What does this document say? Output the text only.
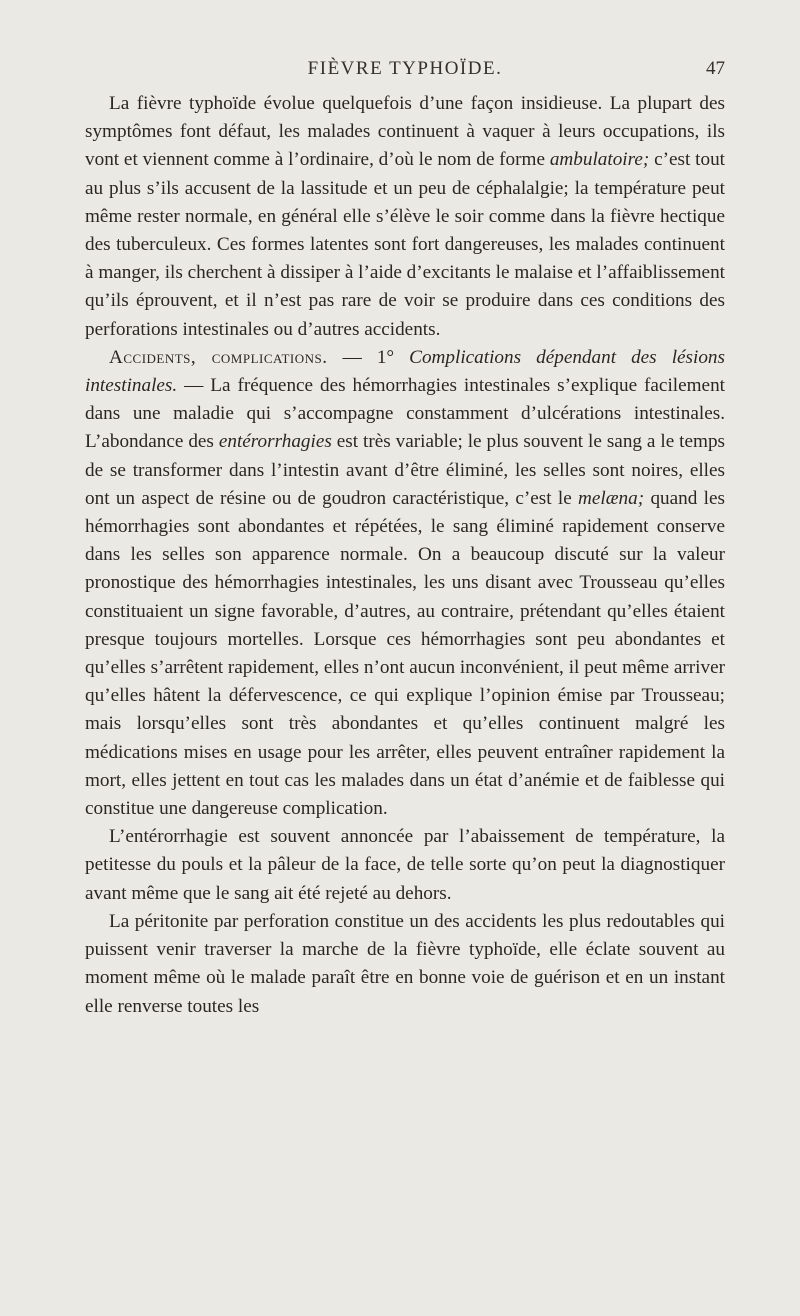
FIÈVRE TYPHOÏDE.	47

La fièvre typhoïde évolue quelquefois d’une façon insidieuse. La plupart des symptômes font défaut, les malades continuent à vaquer à leurs occupations, ils vont et viennent comme à l’ordinaire, d’où le nom de forme ambulatoire; c’est tout au plus s’ils accusent de la lassitude et un peu de céphalalgie; la température peut même rester normale, en général elle s’élève le soir comme dans la fièvre hectique des tuberculeux. Ces formes latentes sont fort dangereuses, les malades continuent à manger, ils cherchent à dissiper à l’aide d’excitants le malaise et l’affaiblissement qu’ils éprouvent, et il n’est pas rare de voir se produire dans ces conditions des perforations intestinales ou d’autres accidents.

Accidents, complications. — 1° Complications dépendant des lésions intestinales. — La fréquence des hémorrhagies intestinales s’explique facilement dans une maladie qui s’accompagne constamment d’ulcérations intestinales. L’abondance des entérorrhagies est très variable; le plus souvent le sang a le temps de se transformer dans l’intestin avant d’être éliminé, les selles sont noires, elles ont un aspect de résine ou de goudron caractéristique, c’est le melæna; quand les hémorrhagies sont abondantes et répétées, le sang éliminé rapidement conserve dans les selles son apparence normale. On a beaucoup discuté sur la valeur pronostique des hémorrhagies intestinales, les uns disant avec Trousseau qu’elles constituaient un signe favorable, d’autres, au contraire, prétendant qu’elles étaient presque toujours mortelles. Lorsque ces hémorrhagies sont peu abondantes et qu’elles s’arrêtent rapidement, elles n’ont aucun inconvénient, il peut même arriver qu’elles hâtent la défervescence, ce qui explique l’opinion émise par Trousseau; mais lorsqu’elles sont très abondantes et qu’elles continuent malgré les médications mises en usage pour les arrêter, elles peuvent entraîner rapidement la mort, elles jettent en tout cas les malades dans un état d’anémie et de faiblesse qui constitue une dangereuse complication.

L’entérorrhagie est souvent annoncée par l’abaissement de température, la petitesse du pouls et la pâleur de la face, de telle sorte qu’on peut la diagnostiquer avant même que le sang ait été rejeté au dehors.

La péritonite par perforation constitue un des accidents les plus redoutables qui puissent venir traverser la marche de la fièvre typhoïde, elle éclate souvent au moment même où le malade paraît être en bonne voie de guérison et en un instant elle renverse toutes les
